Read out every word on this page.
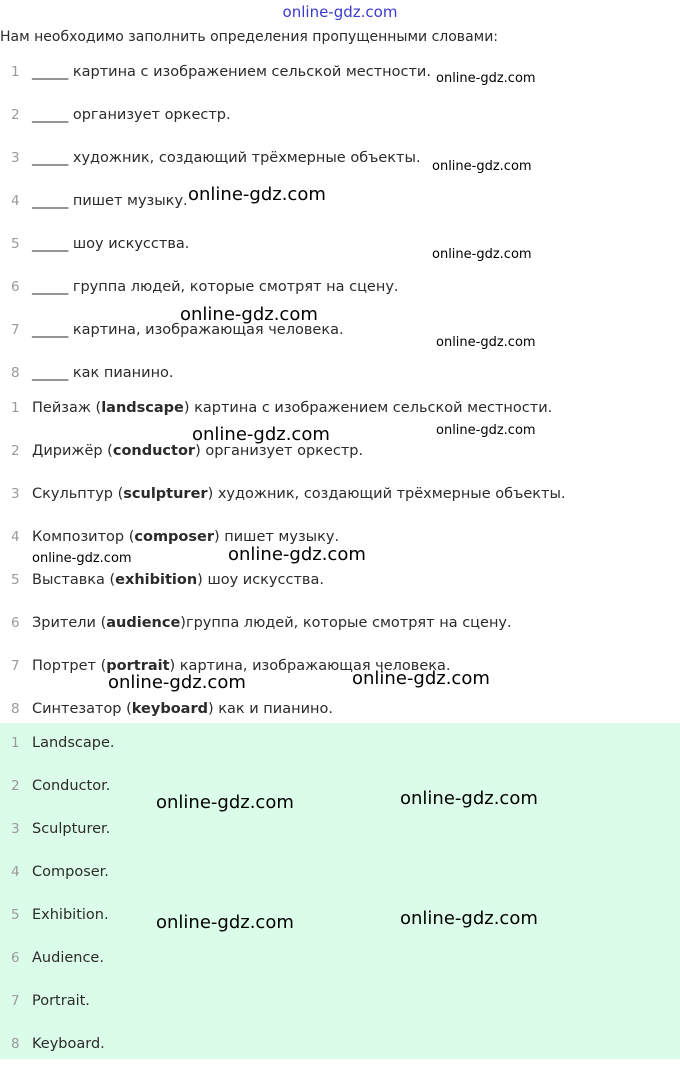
online-gdz.com
Нам необходимо заполнить определения пропущенными словами:
1 _____ картина с изображением сельской местности.
2 _____ организует оркестр.
3 _____ художник, создающий трёхмерные объекты.
4 _____ пишет музыку.
5 _____ шоу искусства.
6 _____ группа людей, которые смотрят на сцену.
7 _____ картина, изображающая человека.
8 _____ как пианино.
1 Пейзаж (landscape) картина с изображением сельской местности.
2 Дирижёр (conductor) организует оркестр.
3 Скульптур (sculpturer) художник, создающий трёхмерные объекты.
4 Композитор (composer) пишет музыку.
5 Выставка (exhibition) шоу искусства.
6 Зрители (audience)группа людей, которые смотрят на сцену.
7 Портрет (portrait) картина, изображающая человека.
8 Синтезатор (keyboard) как и пианино.
1 Landscape.
2 Conductor.
3 Sculpturer.
4 Composer.
5 Exhibition.
6 Audience.
7 Portrait.
8 Keyboard.
online-gdz.com
online-gdz.com
online-gdz.com
online-gdz.com
online-gdz.com
online-gdz.com
online-gdz.com
online-gdz.com
online-gdz.com
online-gdz.com
online-gdz.com
online-gdz.com
online-gdz.com
online-gdz.com
online-gdz.com
online-gdz.com
